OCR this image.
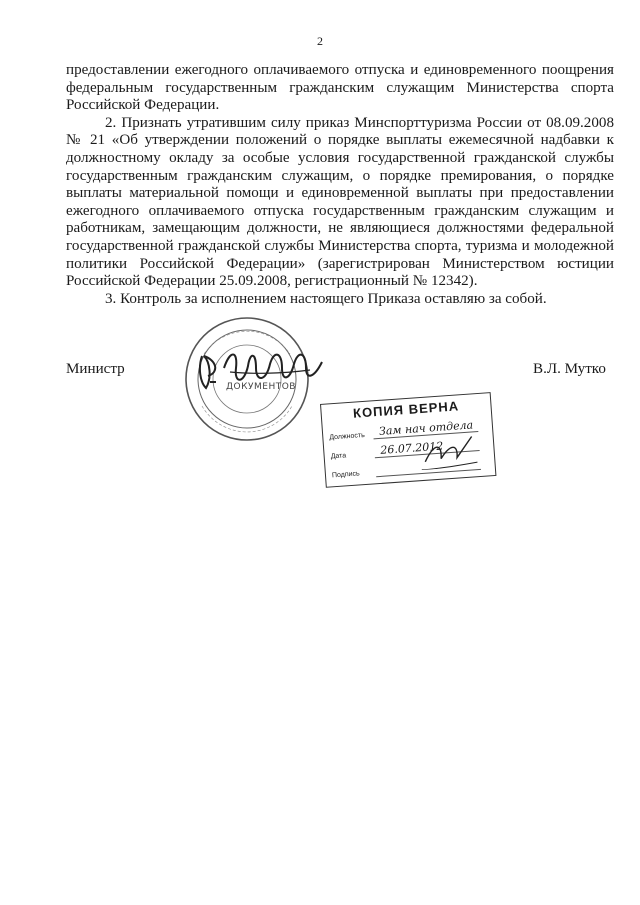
2

предоставлении ежегодного оплачиваемого отпуска и единовременного поощрения федеральным государственным гражданским служащим Министерства спорта Российской Федерации.

2. Признать утратившим силу приказ Минспорттуризма России от 08.09.2008 № 21 «Об утверждении положений о порядке выплаты ежемесячной надбавки к должностному окладу за особые условия государственной гражданской службы государственным гражданским служащим, о порядке премирования, о порядке выплаты материальной помощи и единовременной выплаты при предоставлении ежегодного оплачиваемого отпуска государственным гражданским служащим и работникам, замещающим должности, не являющиеся должностями федеральной государственной гражданской службы Министерства спорта, туризма и молодежной политики Российской Федерации» (зарегистрирован Министерством юстиции Российской Федерации 25.09.2008, регистрационный № 12342).

3. Контроль за исполнением настоящего Приказа оставляю за собой.

Министр	В.Л. Мутко
ДОКУМЕНТОВ
КОПИЯ ВЕРНА
Должность	Зам нач отдела
Дата	26.07.2012
Подпись
